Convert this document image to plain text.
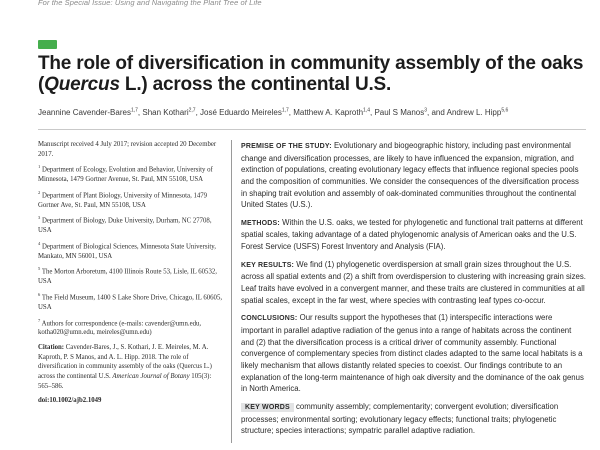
For the Special Issue: Using and Navigating the Plant Tree of Life
The role of diversification in community assembly of the oaks (Quercus L.) across the continental U.S.
Jeannine Cavender-Bares$^{1,7}$, Shan Kothari$^{2,7}$, José Eduardo Meireles$^{1,7}$, Matthew A. Kaproth$^{1,4}$, Paul S Manos$^3$, and Andrew L. Hipp$^{5,6}$

Manuscript received 4 July 2017; revision accepted 20 December 2017.

$^1$ Department of Ecology, Evolution and Behavior, University of Minnesota, 1479 Gortner Avenue, St. Paul, MN 55108, USA

$^2$ Department of Plant Biology, University of Minnesota, 1479 Gortner Ave, St. Paul, MN 55108, USA

$^3$ Department of Biology, Duke University, Durham, NC 27708, USA

$^4$ Department of Biological Sciences, Minnesota State University, Mankato, MN 56001, USA

$^5$ The Morton Arboretum, 4100 Illinois Route 53, Lisle, IL 60532, USA

$^6$ The Field Museum, 1400 S Lake Shore Drive, Chicago, IL 60605, USA

$^7$ Authors for correspondence (e-mails: cavender@umn.edu, kotha020@umn.edu, meireles@umn.edu)

Citation: Cavender-Bares, J., S. Kothari, J. E. Meireles, M. A. Kaproth, P. S Manos, and A. L. Hipp. 2018. The role of diversification in community assembly of the oaks (Quercus L.) across the continental U.S. American Journal of Botany 105(3): 565–586.

doi:10.1002/ajb2.1049

PREMISE OF THE STUDY: Evolutionary and biogeographic history, including past environmental change and diversification processes, are likely to have influenced the expansion, migration, and extinction of populations, creating evolutionary legacy effects that influence regional species pools and the composition of communities. We consider the consequences of the diversification process in shaping trait evolution and assembly of oak-dominated communities throughout the continental United States (U.S.).

METHODS: Within the U.S. oaks, we tested for phylogenetic and functional trait patterns at different spatial scales, taking advantage of a dated phylogenomic analysis of American oaks and the U.S. Forest Service (USFS) Forest Inventory and Analysis (FIA).

KEY RESULTS: We find (1) phylogenetic overdispersion at small grain sizes throughout the U.S. across all spatial extents and (2) a shift from overdispersion to clustering with increasing grain sizes. Leaf traits have evolved in a convergent manner, and these traits are clustered in communities at all spatial scales, except in the far west, where species with contrasting leaf types co-occur.

CONCLUSIONS: Our results support the hypotheses that (1) interspecific interactions were important in parallel adaptive radiation of the genus into a range of habitats across the continent and (2) that the diversification process is a critical driver of community assembly. Functional convergence of complementary species from distinct clades adapted to the same local habitats is a likely mechanism that allows distantly related species to coexist. Our findings contribute to an explanation of the long-term maintenance of high oak diversity and the dominance of the oak genus in North America.

KEY WORDS community assembly; complementarity; convergent evolution; diversification processes; environmental sorting; evolutionary legacy effects; functional traits; phylogenetic structure; species interactions; sympatric parallel adaptive radiation.
